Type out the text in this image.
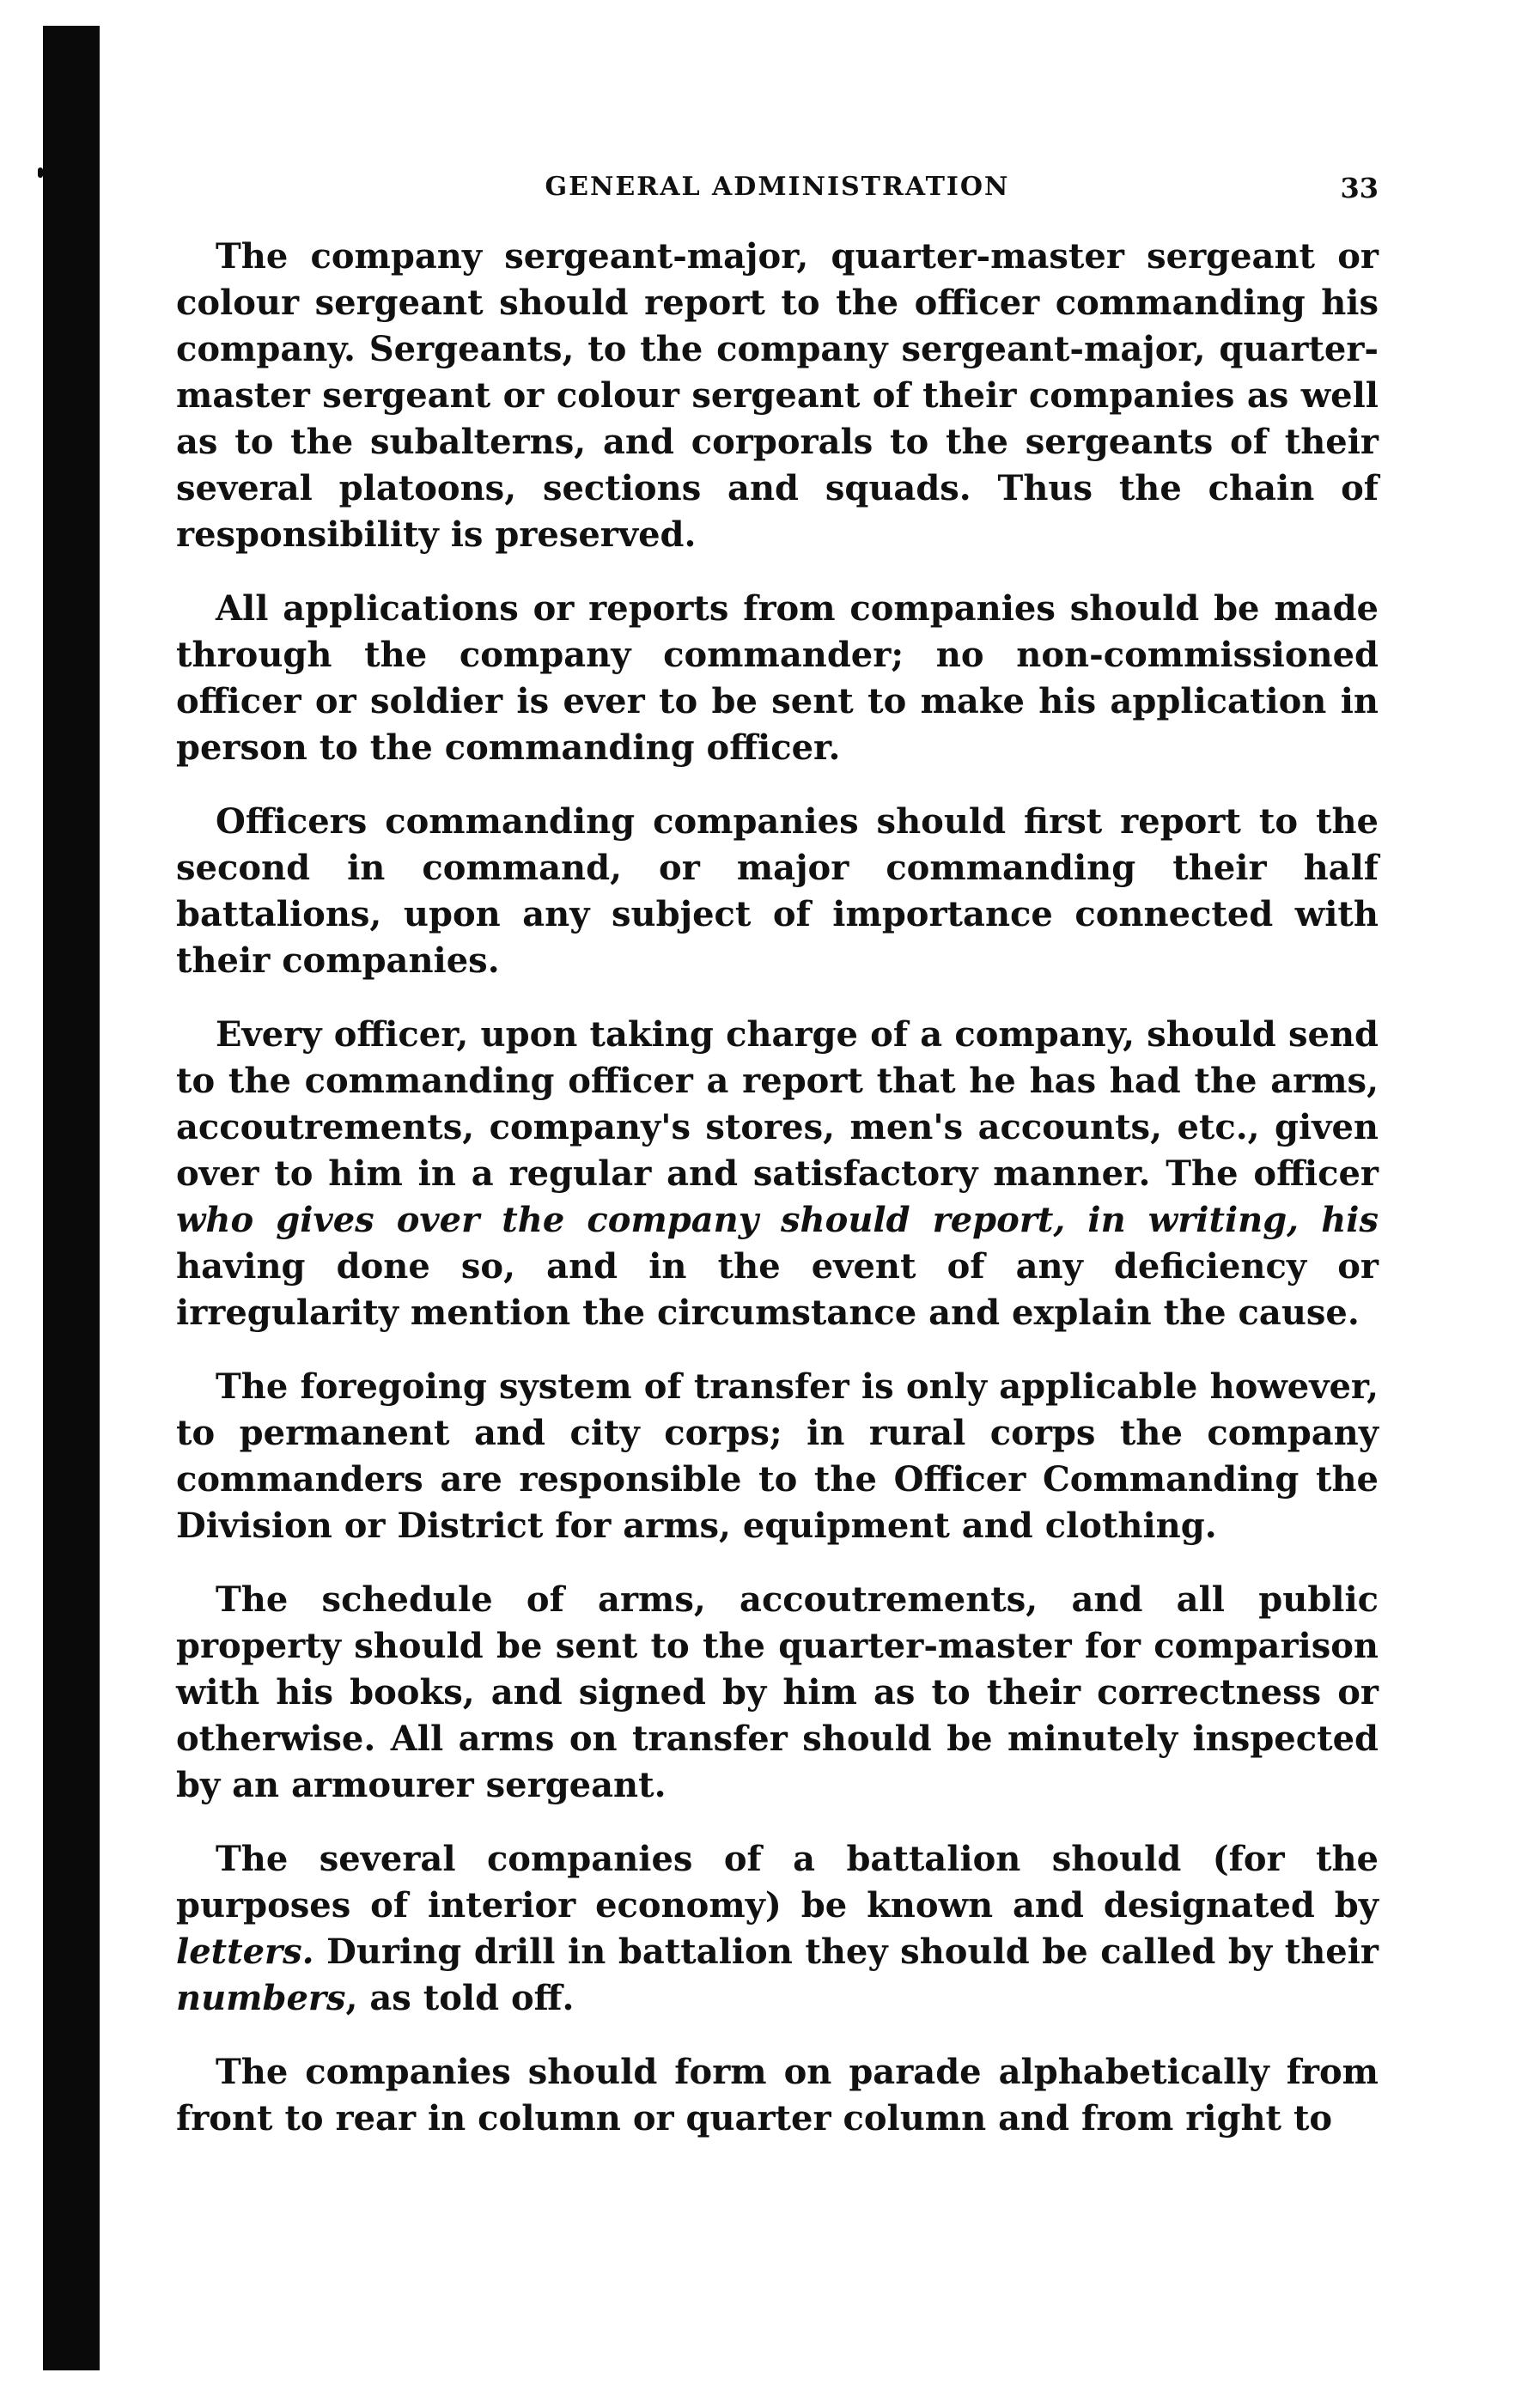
GENERAL ADMINISTRATION	33

The company sergeant-major, quarter-master sergeant or colour sergeant should report to the officer commanding his company. Sergeants, to the company sergeant-major, quarter-master sergeant or colour sergeant of their companies as well as to the subalterns, and corporals to the sergeants of their several platoons, sections and squads. Thus the chain of responsibility is preserved.

All applications or reports from companies should be made through the company commander; no non-commissioned officer or soldier is ever to be sent to make his application in person to the commanding officer.

Officers commanding companies should first report to the second in command, or major commanding their half battalions, upon any subject of importance connected with their companies.

Every officer, upon taking charge of a company, should send to the commanding officer a report that he has had the arms, accoutrements, company's stores, men's accounts, etc., given over to him in a regular and satisfactory manner. The officer who gives over the company should report, in writing, his having done so, and in the event of any deficiency or irregularity mention the circumstance and explain the cause.

The foregoing system of transfer is only applicable however, to permanent and city corps; in rural corps the company commanders are responsible to the Officer Commanding the Division or District for arms, equipment and clothing.

The schedule of arms, accoutrements, and all public property should be sent to the quarter-master for comparison with his books, and signed by him as to their correctness or otherwise. All arms on transfer should be minutely inspected by an armourer sergeant.

The several companies of a battalion should (for the purposes of interior economy) be known and designated by letters. During drill in battalion they should be called by their numbers, as told off.

The companies should form on parade alphabetically from front to rear in column or quarter column and from right to
